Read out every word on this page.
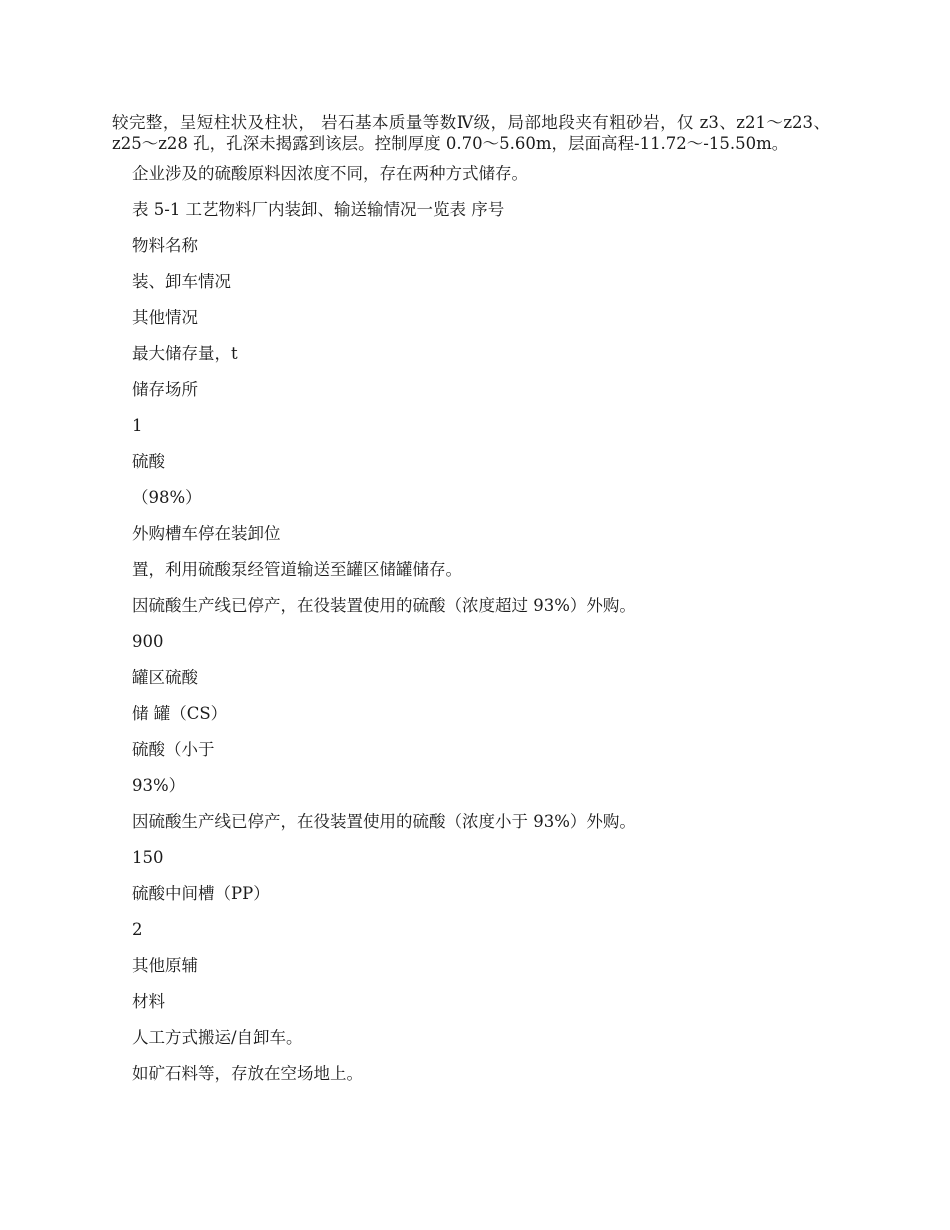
较完整，呈短柱状及柱状， 岩石基本质量等数Ⅳ级，局部地段夹有粗砂岩，仅 z3、z21～z23、z25～z28 孔，孔深未揭露到该层。控制厚度 0.70～5.60m，层面高程-11.72～-15.50m。

企业涉及的硫酸原料因浓度不同，存在两种方式储存。
表 5-1 工艺物料厂内装卸、输送输情况一览表 序号
物料名称
装、卸车情况
其他情况
最大储存量，t
储存场所
1
硫酸
（98%）
外购槽车停在装卸位
置，利用硫酸泵经管道输送至罐区储罐储存。
因硫酸生产线已停产，在役装置使用的硫酸（浓度超过 93%）外购。
900
罐区硫酸
储 罐（CS）
硫酸（小于
93%）
因硫酸生产线已停产，在役装置使用的硫酸（浓度小于 93%）外购。
150
硫酸中间槽（PP）
2
其他原辅
材料
人工方式搬运/自卸车。
如矿石料等，存放在空场地上。
